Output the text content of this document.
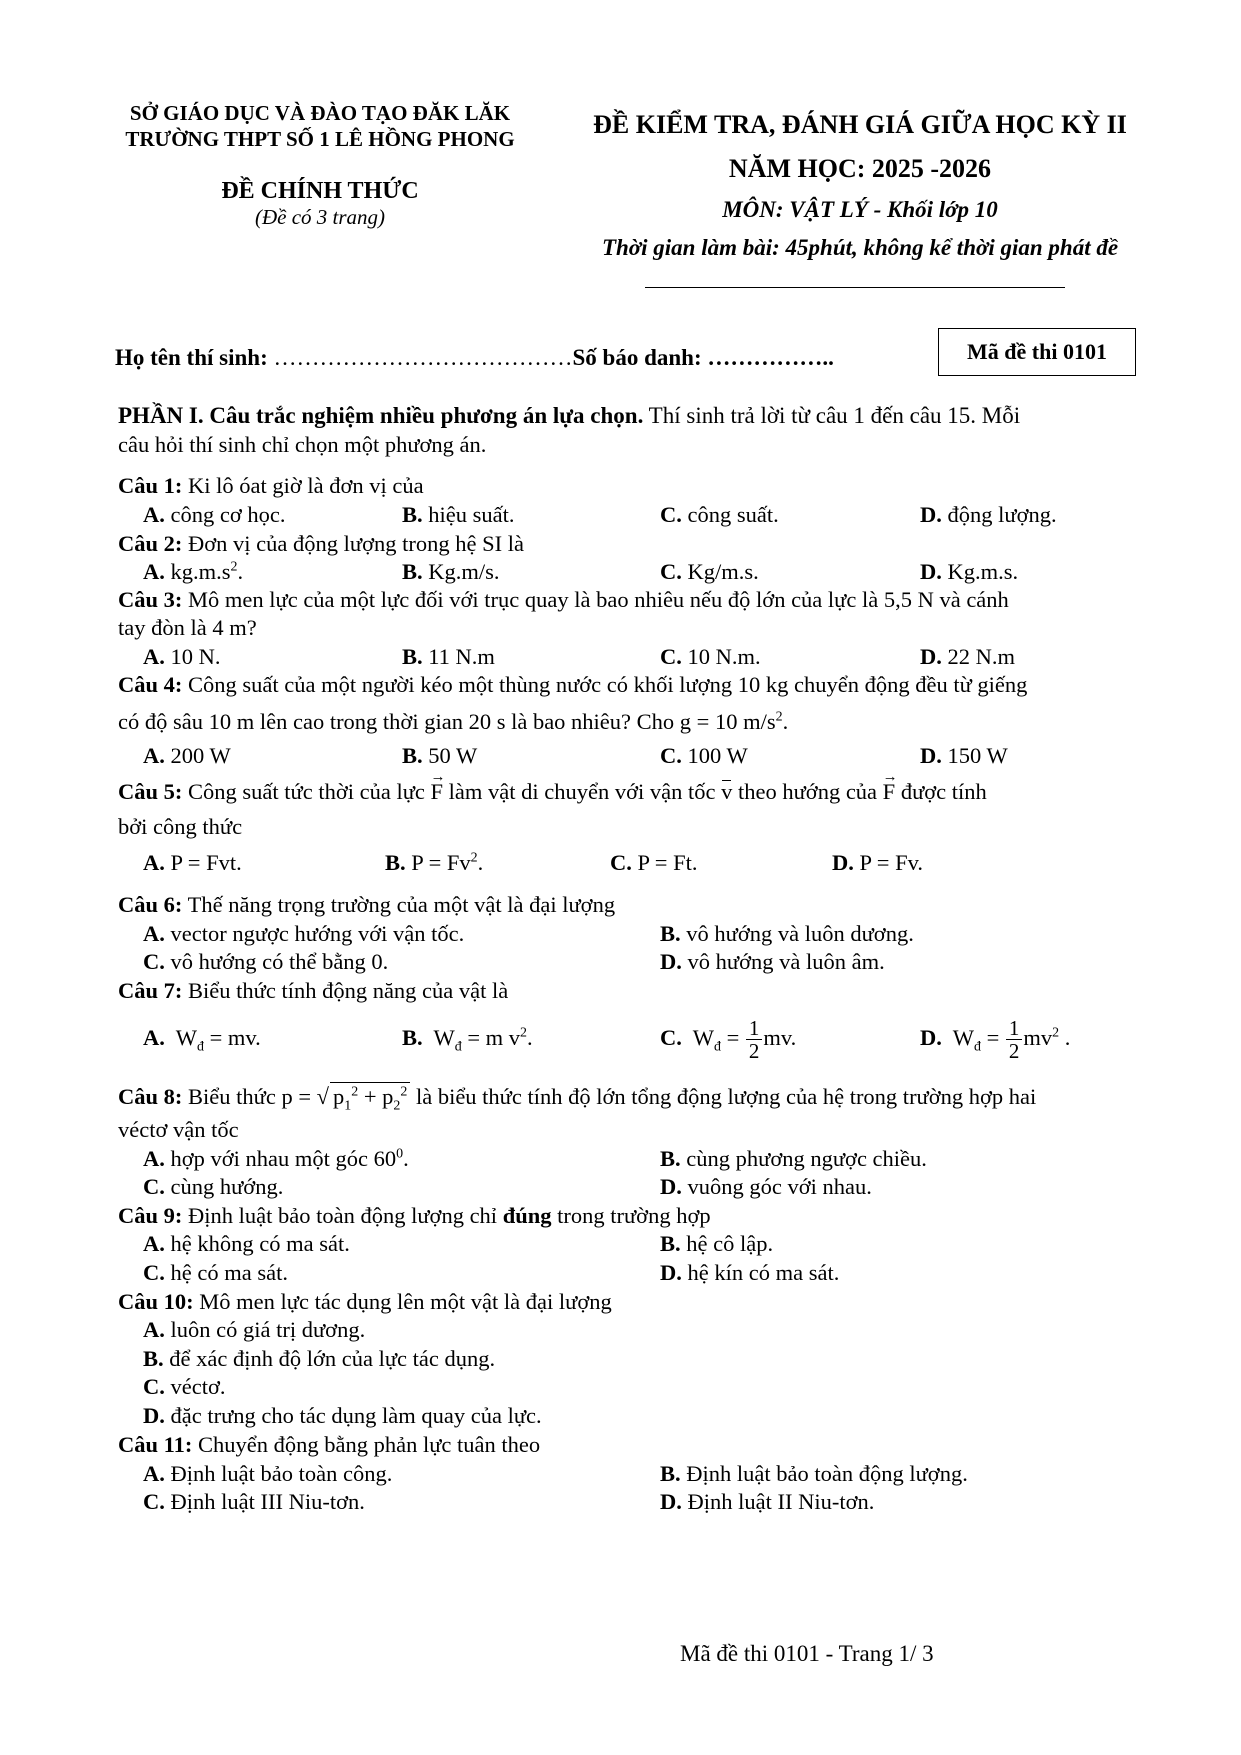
SỞ GIÁO DỤC VÀ ĐÀO TẠO ĐĂK LĂK
TRƯỜNG THPT SỐ 1 LÊ HỒNG PHONG
ĐỀ CHÍNH THỨC
(Đề có 3 trang)
ĐỀ KIỂM TRA, ĐÁNH GIÁ GIỮA HỌC KỲ II
NĂM HỌC: 2025 -2026
MÔN: VẬT LÝ - Khối lớp 10
Thời gian làm bài: 45phút, không kể thời gian phát đề
Họ tên thí sinh: …………………………………Số báo danh: ……………..	Mã đề thi 0101
PHẦN I. Câu trắc nghiệm nhiều phương án lựa chọn. Thí sinh trả lời từ câu 1 đến câu 15. Mỗi
câu hỏi thí sinh chỉ chọn một phương án.
Câu 1: Ki lô óat giờ là đơn vị của
A. công cơ học.	B. hiệu suất.	C. công suất.	D. động lượng.
Câu 2: Đơn vị của động lượng trong hệ SI là
A. $kg.m.s^2$.	B. Kg.m/s.	C. Kg/m.s.	D. Kg.m.s.
Câu 3: Mô men lực của một lực đối với trục quay là bao nhiêu nếu độ lớn của lực là 5,5 N và cánh
tay đòn là 4 m?
A. 10 N.	B. 11 N.m	C. 10 N.m.	D. 22 N.m
Câu 4: Công suất của một người kéo một thùng nước có khối lượng 10 kg chuyển động đều từ giếng
có độ sâu 10 m lên cao trong thời gian 20 s là bao nhiêu? Cho g = 10 $m/s^2$.
A. 200 W	B. 50 W	C. 100 W	D. 150 W
Câu 5: Công suất tức thời của lực → F làm vật di chuyển với vận tốc v theo hướng của → F được tính
bởi công thức
A. P = Fvt.	B. $P = Fv^2$.	C. P = Ft.	D. P = Fv.
Câu 6: Thế năng trọng trường của một vật là đại lượng
A. vector ngược hướng với vận tốc.	B. vô hướng và luôn dương.
C. vô hướng có thể bằng 0.	D. vô hướng và luôn âm.
Câu 7: Biểu thức tính động năng của vật là
A. $W_đ$ = mv.	B. $W_đ = m$ $v^2$.	C. $W_đ = \frac{1}{2}$ mv.	D. $W_đ = \frac{1}{2} mv^2$ .
Câu 8: Biểu thức p = √ $p_1^2 + p_2^2$ là biểu thức tính độ lớn tổng động lượng của hệ trong trường hợp hai
véctơ vận tốc
A. hợp với nhau một góc $60^0$.	B. cùng phương ngược chiều.
C. cùng hướng.	D. vuông góc với nhau.
Câu 9: Định luật bảo toàn động lượng chỉ đúng trong trường hợp
A. hệ không có ma sát.	B. hệ cô lập.
C. hệ có ma sát.	D. hệ kín có ma sát.
Câu 10: Mô men lực tác dụng lên một vật là đại lượng
A. luôn có giá trị dương.
B. để xác định độ lớn của lực tác dụng.
C. véctơ.
D. đặc trưng cho tác dụng làm quay của lực.
Câu 11: Chuyển động bằng phản lực tuân theo
A. Định luật bảo toàn công.	B. Định luật bảo toàn động lượng.
C. Định luật III Niu-tơn.	D. Định luật II Niu-tơn.
Mã đề thi 0101 - Trang 1/ 3
